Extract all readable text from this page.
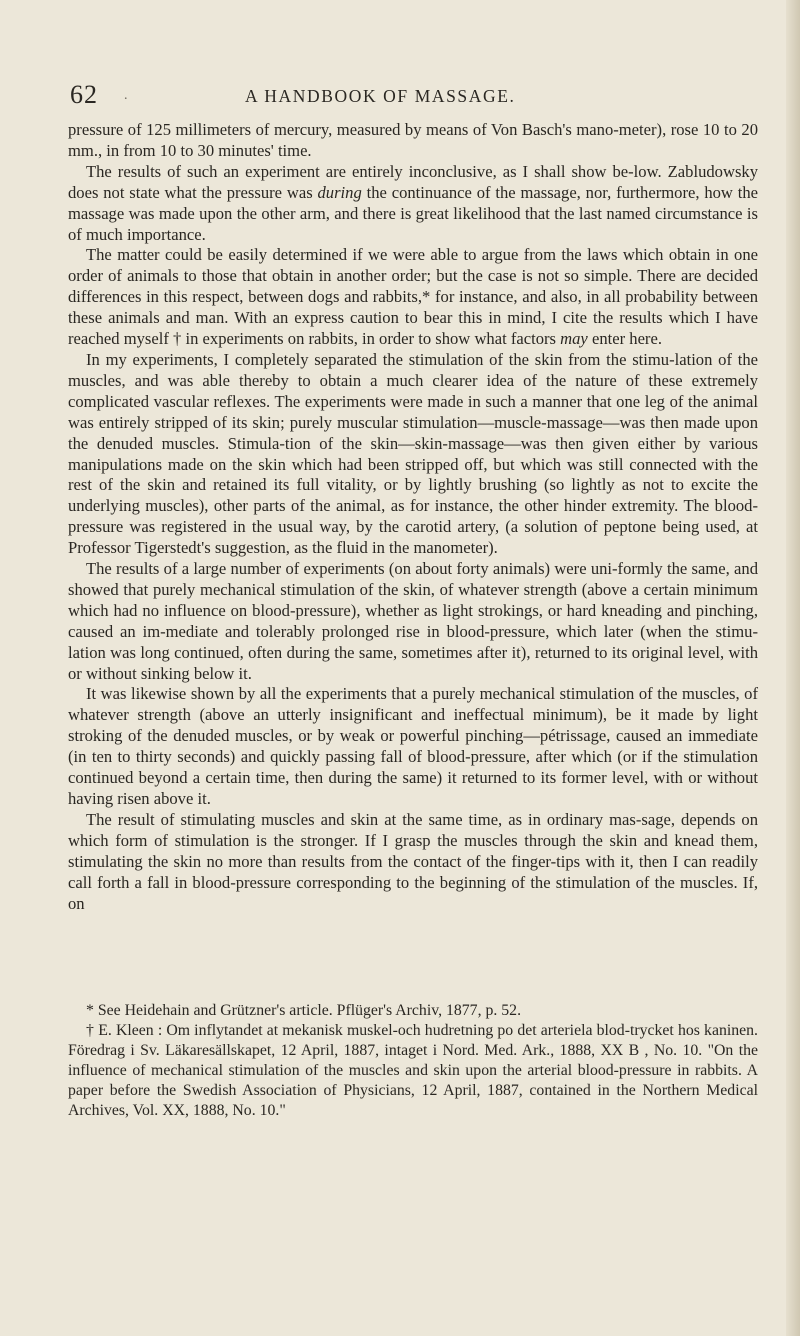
62 .	A HANDBOOK OF MASSAGE.

pressure of 125 millimeters of mercury, measured by means of Von Basch's mano-meter), rose 10 to 20 mm., in from 10 to 30 minutes' time.

The results of such an experiment are entirely inconclusive, as I shall show be-low. Zabludowsky does not state what the pressure was during the continuance of the massage, nor, furthermore, how the massage was made upon the other arm, and there is great likelihood that the last named circumstance is of much importance.

The matter could be easily determined if we were able to argue from the laws which obtain in one order of animals to those that obtain in another order; but the case is not so simple. There are decided differences in this respect, between dogs and rabbits,* for instance, and also, in all probability between these animals and man. With an express caution to bear this in mind, I cite the results which I have reached myself † in experiments on rabbits, in order to show what factors may enter here.

In my experiments, I completely separated the stimulation of the skin from the stimu-lation of the muscles, and was able thereby to obtain a much clearer idea of the nature of these extremely complicated vascular reflexes. The experiments were made in such a manner that one leg of the animal was entirely stripped of its skin; purely muscular stimulation—muscle-massage—was then made upon the denuded muscles. Stimula-tion of the skin—skin-massage—was then given either by various manipulations made on the skin which had been stripped off, but which was still connected with the rest of the skin and retained its full vitality, or by lightly brushing (so lightly as not to excite the underlying muscles), other parts of the animal, as for instance, the other hinder extremity. The blood-pressure was registered in the usual way, by the carotid artery, (a solution of peptone being used, at Professor Tigerstedt's suggestion, as the fluid in the manometer).

The results of a large number of experiments (on about forty animals) were uni-formly the same, and showed that purely mechanical stimulation of the skin, of whatever strength (above a certain minimum which had no influence on blood-pressure), whether as light strokings, or hard kneading and pinching, caused an im-mediate and tolerably prolonged rise in blood-pressure, which later (when the stimu-lation was long continued, often during the same, sometimes after it), returned to its original level, with or without sinking below it.

It was likewise shown by all the experiments that a purely mechanical stimulation of the muscles, of whatever strength (above an utterly insignificant and ineffectual minimum), be it made by light stroking of the denuded muscles, or by weak or powerful pinching—pétrissage, caused an immediate (in ten to thirty seconds) and quickly passing fall of blood-pressure, after which (or if the stimulation continued beyond a certain time, then during the same) it returned to its former level, with or without having risen above it.

The result of stimulating muscles and skin at the same time, as in ordinary mas-sage, depends on which form of stimulation is the stronger. If I grasp the muscles through the skin and knead them, stimulating the skin no more than results from the contact of the finger-tips with it, then I can readily call forth a fall in blood-pressure corresponding to the beginning of the stimulation of the muscles. If, on

* See Heidehain and Grützner's article. Pflüger's Archiv, 1877, p. 52.

† E. Kleen : Om inflytandet at mekanisk muskel-och hudretning po det arteriela blod-trycket hos kaninen. Föredrag i Sv. Läkaresällskapet, 12 April, 1887, intaget i Nord. Med. Ark., 1888, XX B , No. 10. "On the influence of mechanical stimulation of the muscles and skin upon the arterial blood-pressure in rabbits. A paper before the Swedish Association of Physicians, 12 April, 1887, contained in the Northern Medical Archives, Vol. XX, 1888, No. 10."
